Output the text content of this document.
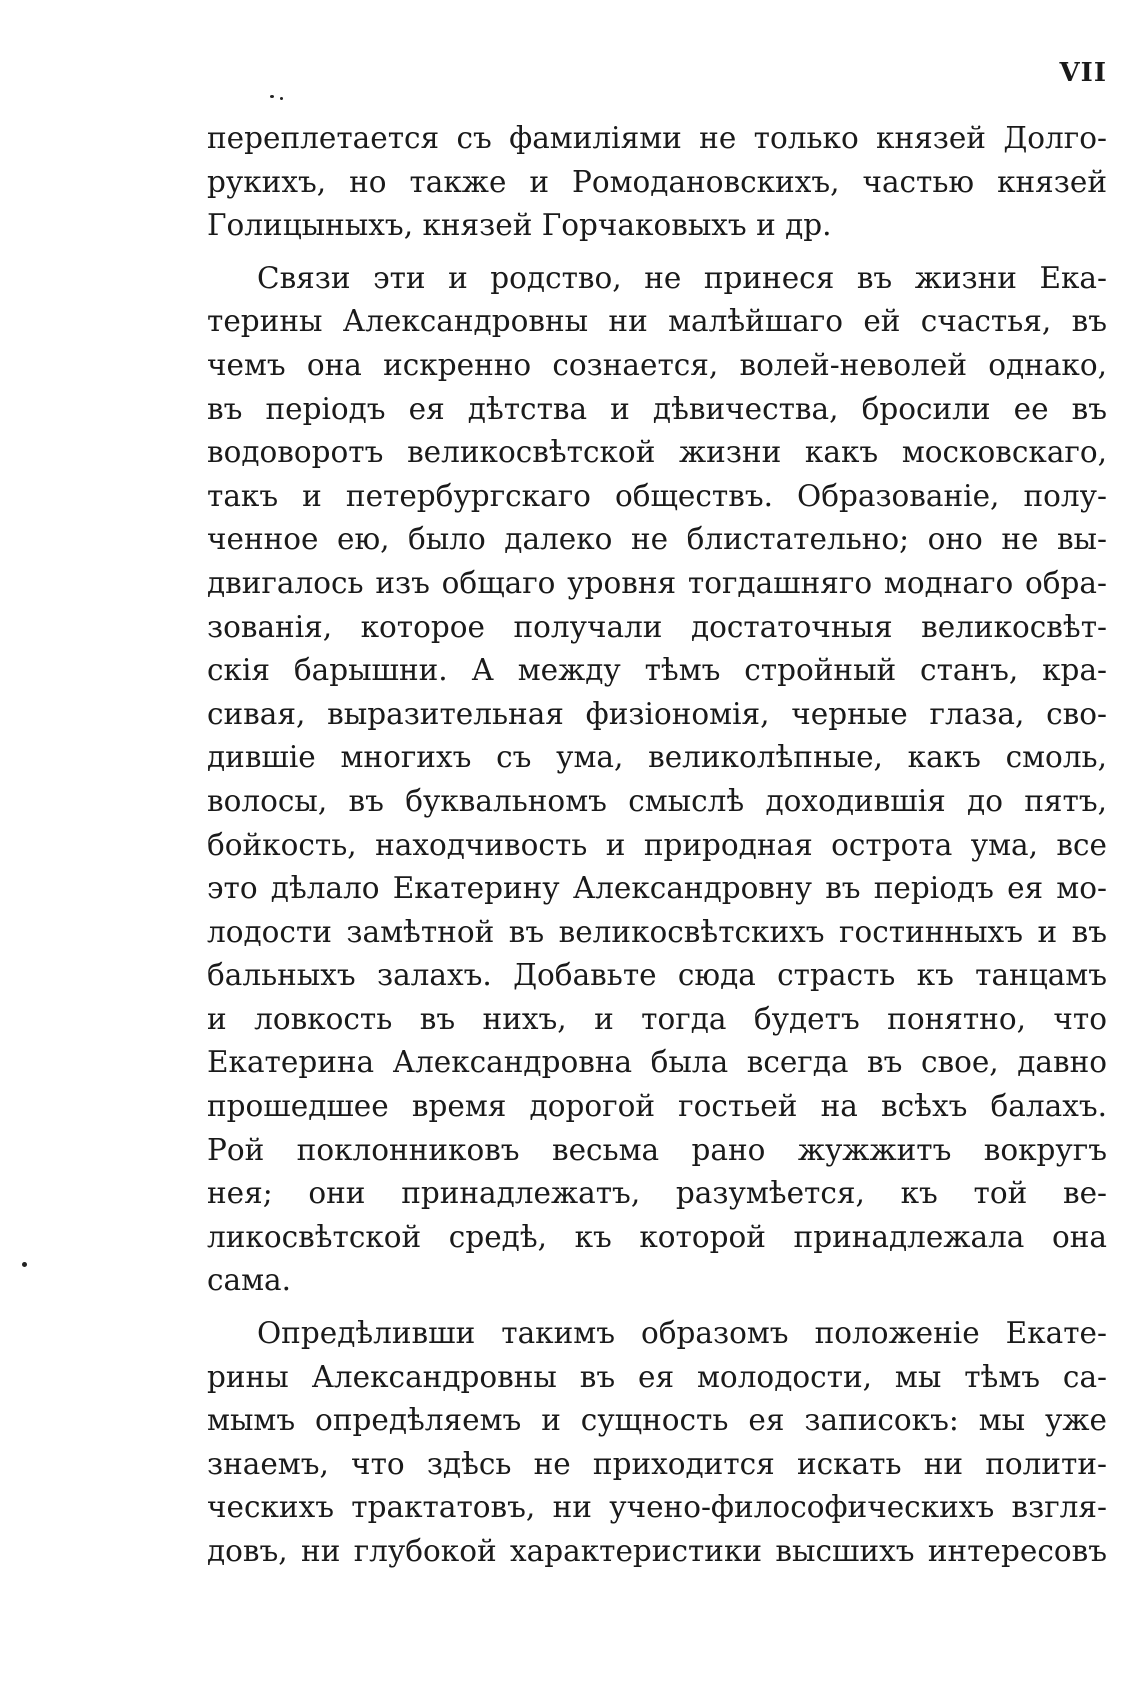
VII
переплетается съ фамиліями не только князей Долго-
рукихъ, но также и Ромодановскихъ, частью князей
Голицыныхъ, князей Горчаковыхъ и др.
Связи эти и родство, не принеся въ жизни Ека-
терины Александровны ни малѣйшаго ей счастья, въ
чемъ она искренно сознается, волей-неволей однако,
въ періодъ ея дѣтства и дѣвичества, бросили ее въ
водоворотъ великосвѣтской жизни какъ московскаго,
такъ и петербургскаго обществъ. Образованіе, полу-
ченное ею, было далеко не блистательно; оно не вы-
двигалось изъ общаго уровня тогдашняго моднаго обра-
зованія, которое получали достаточныя великосвѣт-
скія барышни. А между тѣмъ стройный станъ, кра-
сивая, выразительная физіономія, черные глаза, сво-
дившіе многихъ съ ума, великолѣпные, какъ смоль,
волосы, въ буквальномъ смыслѣ доходившія до пятъ,
бойкость, находчивость и природная острота ума, все
это дѣлало Екатерину Александровну въ періодъ ея мо-
лодости замѣтной въ великосвѣтскихъ гостинныхъ и въ
бальныхъ залахъ. Добавьте сюда страсть къ танцамъ
и ловкость въ нихъ, и тогда будетъ понятно, что
Екатерина Александровна была всегда въ свое, давно
прошедшее время дорогой гостьей на всѣхъ балахъ.
Рой поклонниковъ весьма рано жужжитъ вокругъ
нея; они принадлежатъ, разумѣется, къ той ве-
ликосвѣтской средѣ, къ которой принадлежала она
сама.
Опредѣливши такимъ образомъ положеніе Екате-
рины Александровны въ ея молодости, мы тѣмъ са-
мымъ опредѣляемъ и сущность ея записокъ: мы уже
знаемъ, что здѣсь не приходится искать ни полити-
ческихъ трактатовъ, ни учено-философическихъ взгля-
довъ, ни глубокой характеристики высшихъ интересовъ
